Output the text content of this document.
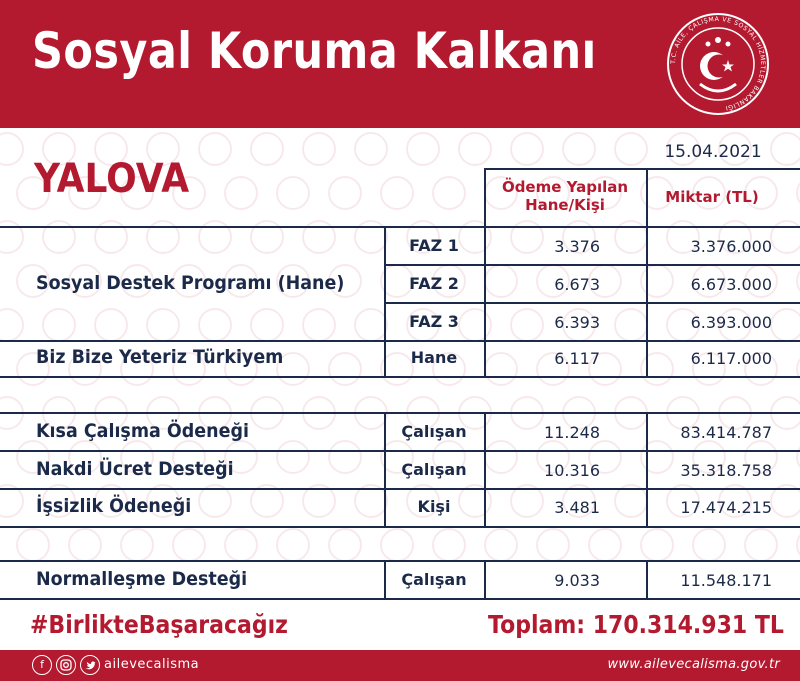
Sosyal Koruma Kalkanı	T.C. AİLE, ÇALIŞMA VE SOSYAL HİZMETLER BAKANLIĞI
15.04.2021
YALOVA	Ödeme Yapılan Hane/Kişi	Miktar (TL)
Sosyal Destek Programı (Hane)
FAZ 1	3.376	3.376.000
FAZ 2	6.673	6.673.000
FAZ 3	6.393	6.393.000
Biz Bize Yeteriz Türkiyem	Hane	6.117	6.117.000
Kısa Çalışma Ödeneği	Çalışan	11.248	83.414.787
Nakdi Ücret Desteği	Çalışan	10.316	35.318.758
İşsizlik Ödeneği	Kişi	3.481	17.474.215
Normalleşme Desteği	Çalışan	9.033	11.548.171
#BirlikteBaşaracağız	Toplam: 170.314.931 TL
f	ailevecalisma	www.ailevecalisma.gov.tr
